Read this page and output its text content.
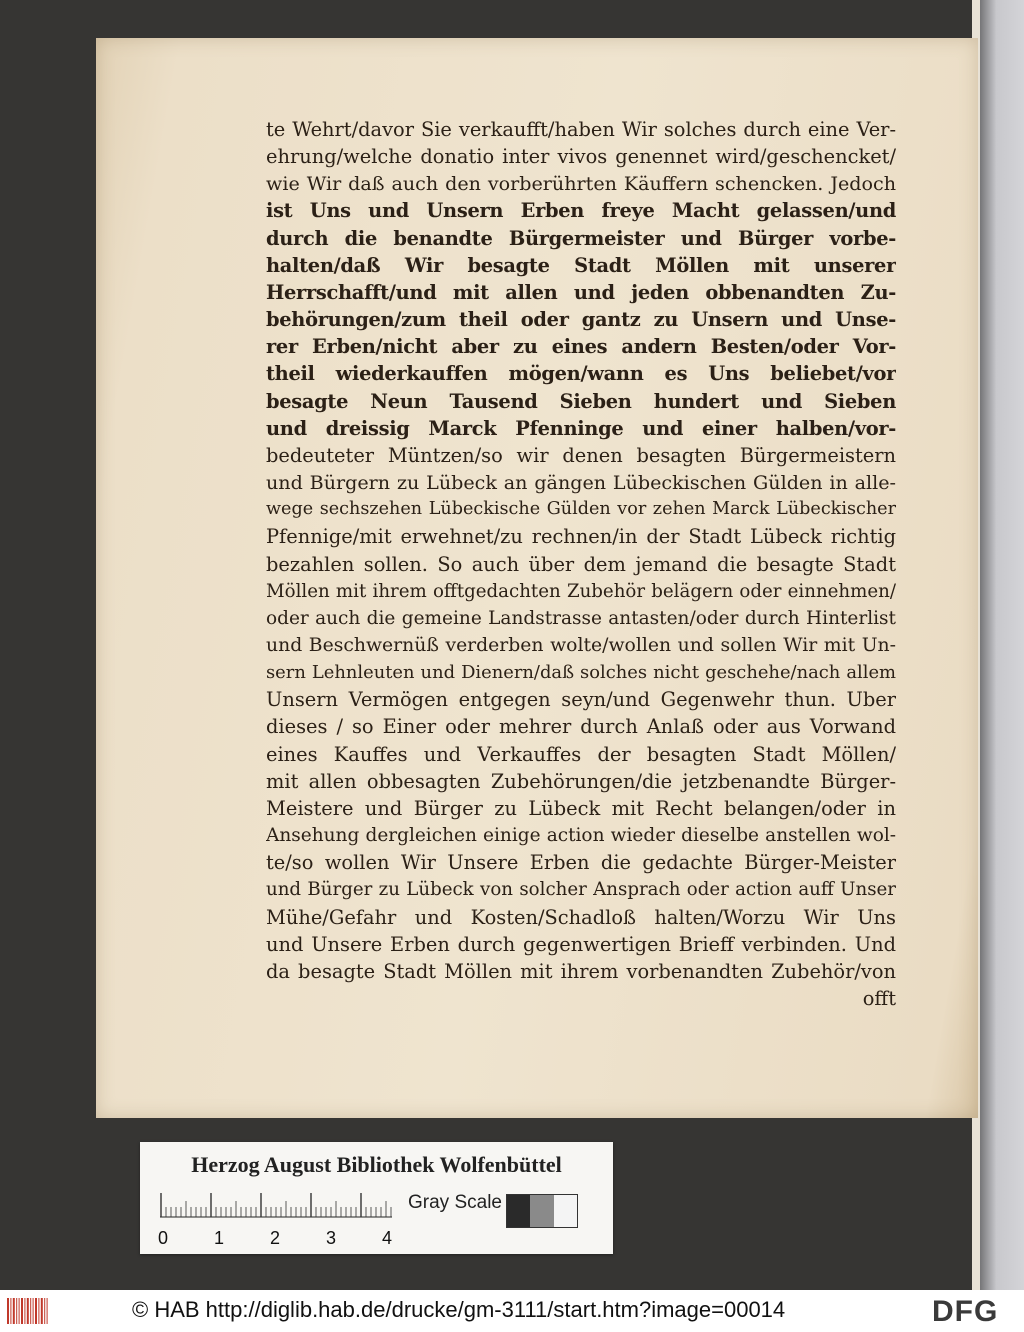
te Wehrt/davor Sie verkaufft/haben Wir solches durch eine Ver-
ehrung/welche donatio inter vivos genennet wird/geschencket/
wie Wir daß auch den vorberührten Käuffern schencken. Jedoch
ist Uns und Unsern Erben freye Macht gelassen/und
durch die benandte Bürgermeister und Bürger vorbe-
halten/daß Wir besagte Stadt Möllen mit unserer
Herrschafft/und mit allen und jeden obbenandten Zu-
behörungen/zum theil oder gantz zu Unsern und Unse-
rer Erben/nicht aber zu eines andern Besten/oder Vor-
theil wiederkauffen mögen/wann es Uns beliebet/vor
besagte Neun Tausend Sieben hundert und Sieben
und dreissig Marck Pfenninge und einer halben/vor-
bedeuteter Müntzen/so wir denen besagten Bürgermeistern
und Bürgern zu Lübeck an gängen Lübeckischen Gülden in alle-
wege sechszehen Lübeckische Gülden vor zehen Marck Lübeckischer
Pfennige/mit erwehnet/zu rechnen/in der Stadt Lübeck richtig
bezahlen sollen. So auch über dem jemand die besagte Stadt
Möllen mit ihrem offtgedachten Zubehör belägern oder einnehmen/
oder auch die gemeine Landstrasse antasten/oder durch Hinterlist
und Beschwernüß verderben wolte/wollen und sollen Wir mit Un-
sern Lehnleuten und Dienern/daß solches nicht geschehe/nach allem
Unsern Vermögen entgegen seyn/und Gegenwehr thun. Uber
dieses / so Einer oder mehrer durch Anlaß oder aus Vorwand
eines Kauffes und Verkauffes der besagten Stadt Möllen/
mit allen obbesagten Zubehörungen/die jetzbenandte Bürger-
Meistere und Bürger zu Lübeck mit Recht belangen/oder in
Ansehung dergleichen einige action wieder dieselbe anstellen wol-
te/so wollen Wir Unsere Erben die gedachte Bürger-Meister
und Bürger zu Lübeck von solcher Ansprach oder action auff Unser
Mühe/Gefahr und Kosten/Schadloß halten/Worzu Wir Uns
und Unsere Erben durch gegenwertigen Brieff verbinden. Und
da besagte Stadt Möllen mit ihrem vorbenandten Zubehör/von
offt
Herzog August Bibliothek Wolfenbüttel
0	1	2	3	4
Gray Scale
© HAB http://diglib.hab.de/drucke/gm-3111/start.htm?image=00014	DFG
